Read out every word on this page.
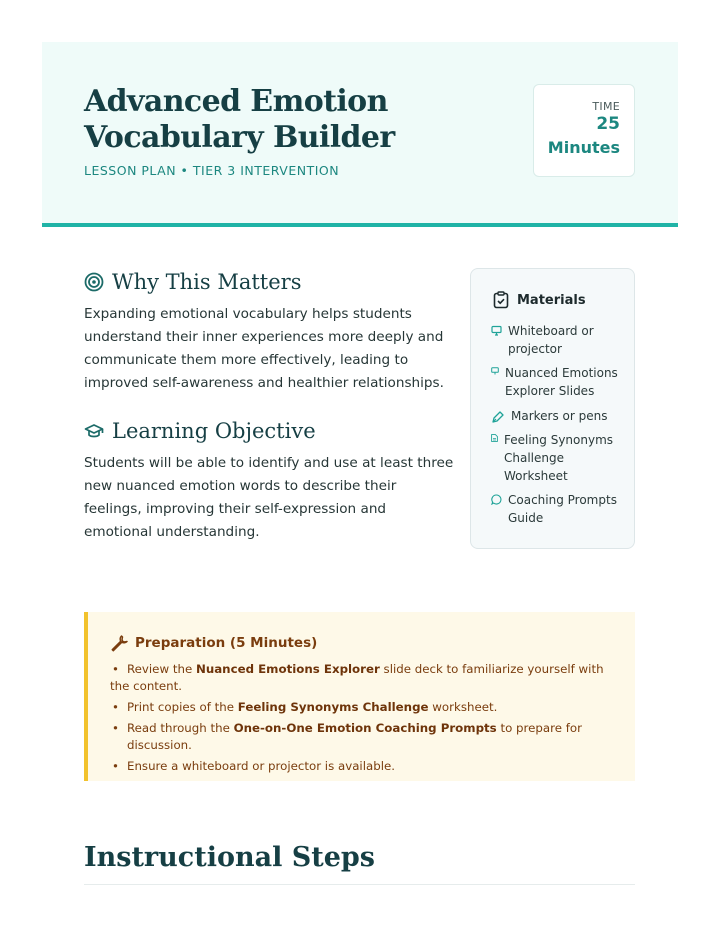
Advanced Emotion Vocabulary Builder
LESSON PLAN • TIER 3 INTERVENTION
TIME
25
Minutes
Why This Matters

Expanding emotional vocabulary helps students understand their inner experiences more deeply and communicate them more effectively, leading to improved self-awareness and healthier relationships.

Learning Objective

Students will be able to identify and use at least three new nuanced emotion words to describe their feelings, improving their self-expression and emotional understanding.

Materials
Whiteboard or projector
Nuanced Emotions Explorer Slides
Markers or pens
Feeling Synonyms Challenge Worksheet
Coaching Prompts Guide
Preparation (5 Minutes)
• Review the Nuanced Emotions Explorer slide deck to familiarize yourself with the content.
• Print copies of the Feeling Synonyms Challenge worksheet.
• Read through the One-on-One Emotion Coaching Prompts to prepare for discussion.
• Ensure a whiteboard or projector is available.
Instructional Steps
